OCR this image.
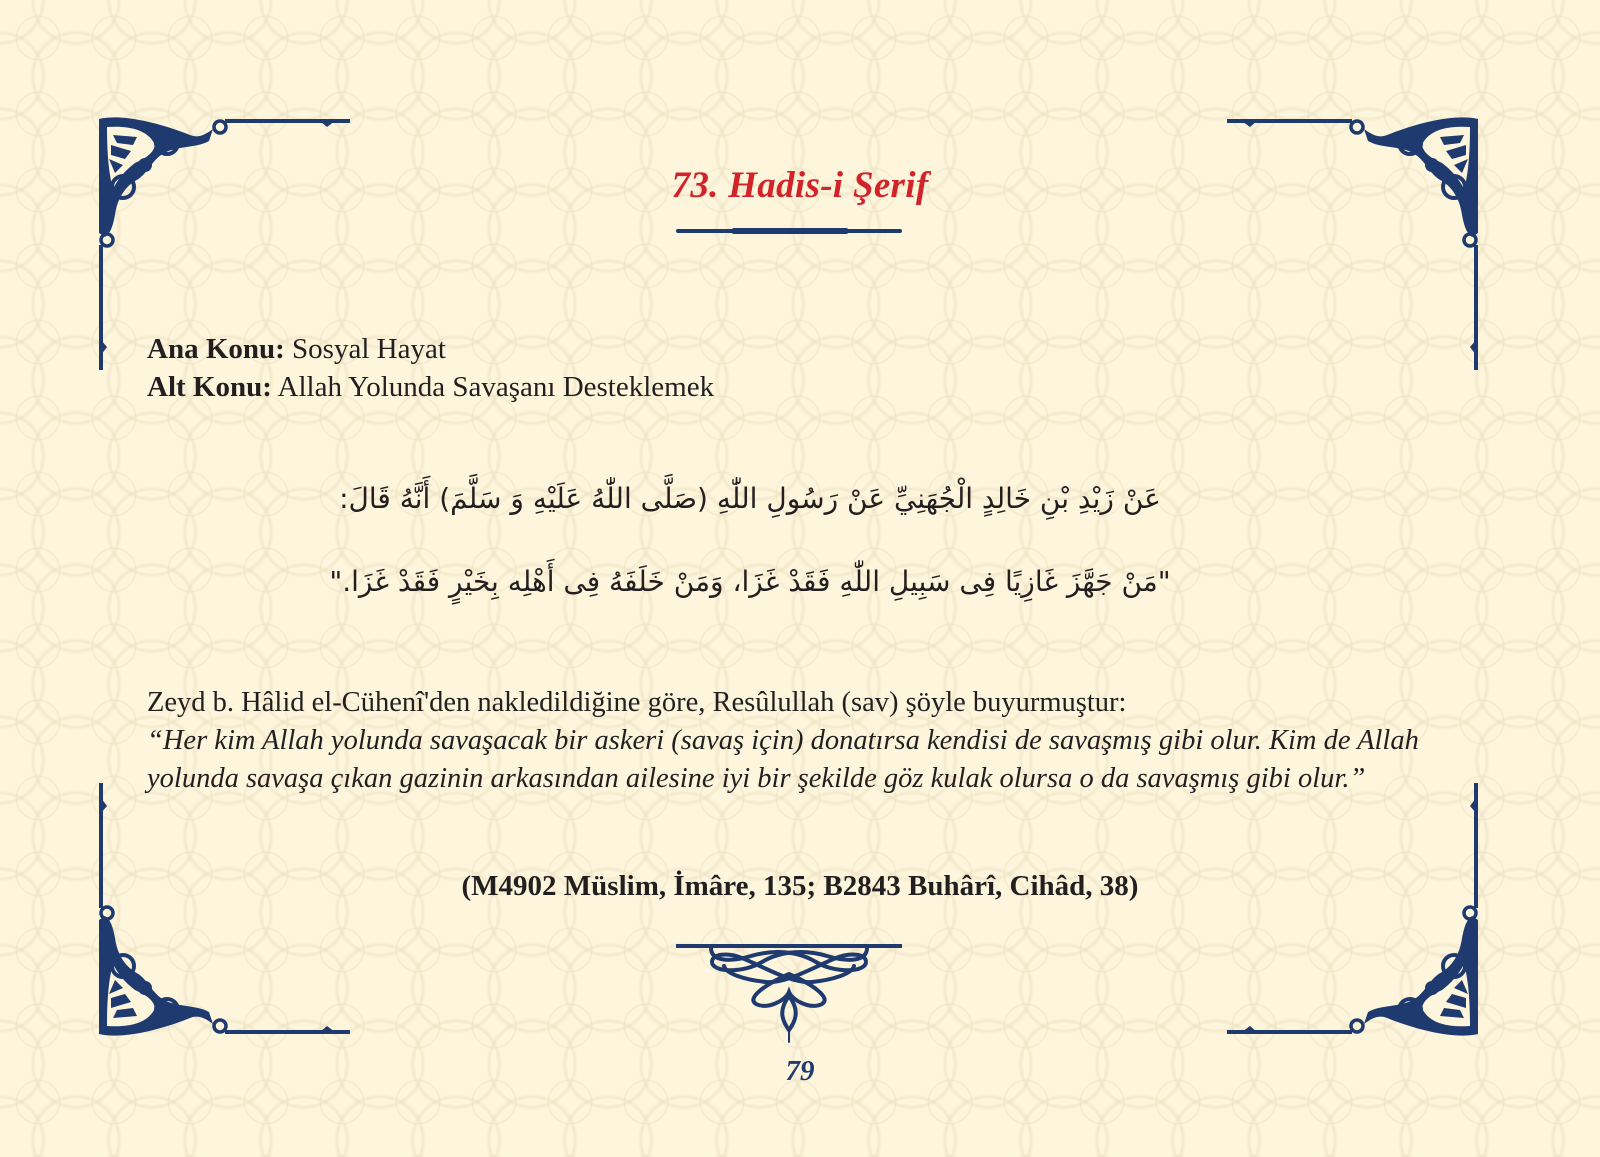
73. Hadis-i Şerif
Ana Konu: Sosyal Hayat
Alt Konu: Allah Yolunda Savaşanı Desteklemek
عَنْ زَيْدِ بْنِ خَالِدٍ الْجُهَنِيِّ عَنْ رَسُولِ اللّٰهِ (صَلَّى اللّٰهُ عَلَيْهِ وَ سَلَّمَ) أَنَّهُ قَالَ:
"مَنْ جَهَّزَ غَازِيًا فِى سَبِيلِ اللّٰهِ فَقَدْ غَزَا، وَمَنْ خَلَفَهُ فِى أَهْلِه بِخَيْرٍ فَقَدْ غَزَا."
Zeyd b. Hâlid el-Cühenî'den nakledildiğine göre, Resûlullah (sav) şöyle buyurmuştur:
“Her kim Allah yolunda savaşacak bir askeri (savaş için) donatırsa kendisi de savaşmış gibi olur. Kim de Allah yolunda savaşa çıkan gazinin arkasından ailesine iyi bir şekilde göz kulak olursa o da savaşmış gibi olur.”
(M4902 Müslim, İmâre, 135; B2843 Buhârî, Cihâd, 38)
79
